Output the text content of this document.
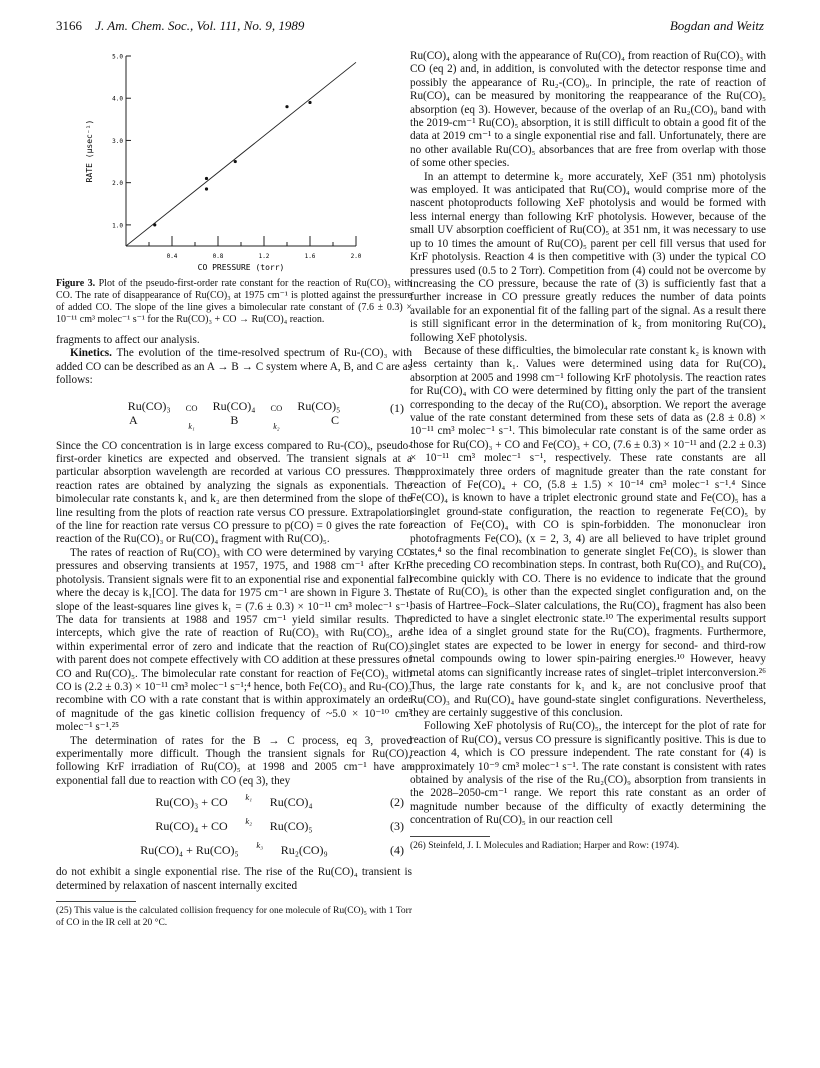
3166 J. Am. Chem. Soc., Vol. 111, No. 9, 1989	Bogdan and Weitz
1.0
2.0
3.0
4.0
5.0
0.4	0.8	1.2	1.6	2.0
CO PRESSURE (torr)
RATE (μsec⁻¹)
Figure 3. Plot of the pseudo-first-order rate constant for the reaction of Ru(CO)₃ with CO. The rate of disappearance of Ru(CO)₃ at 1975 cm⁻¹ is plotted against the pressure of added CO. The slope of the line gives a bimolecular rate constant of (7.6 ± 0.3) × 10⁻¹¹ cm³ molec⁻¹ s⁻¹ for the Ru(CO)₃ + CO → Ru(CO)₄ reaction.

fragments to affect our analysis.

Kinetics. The evolution of the time-resolved spectrum of Ru-(CO)₃ with added CO can be described as an A → B → C system where A, B, and C are as follows:

Ru(CO)₃	CO
k₁
Ru(CO)₄	CO
k₂
Ru(CO)₅
A	B	C
(1)

Since the CO concentration is in large excess compared to Ru-(CO)ₓ, pseudo-first-order kinetics are expected and observed. The transient signals at a particular absorption wavelength are recorded at various CO pressures. The reaction rates are obtained by analyzing the signals as exponentials. The bimolecular rate constants k₁ and k₂ are then determined from the slope of the line resulting from the plots of reaction rate versus CO pressure. Extrapolation of the line for reaction rate versus CO pressure to p(CO) = 0 gives the rate for reaction of the Ru(CO)₃ or Ru(CO)₄ fragment with Ru(CO)₅.

The rates of reaction of Ru(CO)₃ with CO were determined by varying CO pressures and observing transients at 1957, 1975, and 1988 cm⁻¹ after KrF photolysis. Transient signals were fit to an exponential rise and exponential fall where the decay is k₁[CO]. The data for 1975 cm⁻¹ are shown in Figure 3. The slope of the least-squares line gives k₁ = (7.6 ± 0.3) × 10⁻¹¹ cm³ molec⁻¹ s⁻¹. The data for transients at 1988 and 1957 cm⁻¹ yield similar results. The intercepts, which give the rate of reaction of Ru(CO)₃ with Ru(CO)₅, are within experimental error of zero and indicate that the reaction of Ru(CO)₃ with parent does not compete effectively with CO addition at these pressures of CO and Ru(CO)₅. The bimolecular rate constant for reaction of Fe(CO)₃ with CO is (2.2 ± 0.3) × 10⁻¹¹ cm³ molec⁻¹ s⁻¹;⁴ hence, both Fe(CO)₃ and Ru-(CO)₃ recombine with CO with a rate constant that is within approximately an order of magnitude of the gas kinetic collision frequency of ~5.0 × 10⁻¹⁰ cm³ molec⁻¹ s⁻¹.²⁵

The determination of rates for the B → C process, eq 3, proved experimentally more difficult. Though the transient signals for Ru(CO)₄ following KrF irradiation of Ru(CO)₅ at 1998 and 2005 cm⁻¹ have an exponential fall due to reaction with CO (eq 3), they

Ru(CO)₃ + CO	k₁	Ru(CO)₄	(2)
Ru(CO)₄ + CO	k₂	Ru(CO)₅	(3)
Ru(CO)₄ + Ru(CO)₅	k₃	Ru₂(CO)₉	(4)

do not exhibit a single exponential rise. The rise of the Ru(CO)₄ transient is determined by relaxation of nascent internally excited

(25) This value is the calculated collision frequency for one molecule of Ru(CO)₅ with 1 Torr of CO in the IR cell at 20 °C.

Ru(CO)₄ along with the appearance of Ru(CO)₄ from reaction of Ru(CO)₃ with CO (eq 2) and, in addition, is convoluted with the detector response time and possibly the appearance of Ru₂-(CO)₉. In principle, the rate of reaction of Ru(CO)₄ can be measured by monitoring the reappearance of the Ru(CO)₅ absorption (eq 3). However, because of the overlap of an Ru₂(CO)₉ band with the 2019-cm⁻¹ Ru(CO)₅ absorption, it is still difficult to obtain a good fit of the data at 2019 cm⁻¹ to a single exponential rise and fall. Unfortunately, there are no other available Ru(CO)₅ absorbances that are free from overlap with those of some other species.

In an attempt to determine k₂ more accurately, XeF (351 nm) photolysis was employed. It was anticipated that Ru(CO)₄ would comprise more of the nascent photoproducts following XeF photolysis and would be formed with less internal energy than following KrF photolysis. However, because of the small UV absorption coefficient of Ru(CO)₅ at 351 nm, it was necessary to use up to 10 times the amount of Ru(CO)₅ parent per cell fill versus that used for KrF photolysis. Reaction 4 is then competitive with (3) under the typical CO pressures used (0.5 to 2 Torr). Competition from (4) could not be overcome by increasing the CO pressure, because the rate of (3) is sufficiently fast that a further increase in CO pressure greatly reduces the number of data points available for an exponential fit of the falling part of the signal. As a result there is still significant error in the determination of k₂ from monitoring Ru(CO)₄ following XeF photolysis.

Because of these difficulties, the bimolecular rate constant k₂ is known with less certainty than k₁. Values were determined using data for Ru(CO)₄ absorption at 2005 and 1998 cm⁻¹ following KrF photolysis. The reaction rates for Ru(CO)₄ with CO were determined by fitting only the part of the transient corresponding to the decay of the Ru(CO)₄ absorption. We report the average value of the rate constant determined from these sets of data as (2.8 ± 0.8) × 10⁻¹¹ cm³ molec⁻¹ s⁻¹. This bimolecular rate constant is of the same order as those for Ru(CO)₃ + CO and Fe(CO)₃ + CO, (7.6 ± 0.3) × 10⁻¹¹ and (2.2 ± 0.3) × 10⁻¹¹ cm³ molec⁻¹ s⁻¹, respectively. These rate constants are all approximately three orders of magnitude greater than the rate constant for reaction of Fe(CO)₄ + CO, (5.8 ± 1.5) × 10⁻¹⁴ cm³ molec⁻¹ s⁻¹.⁴ Since Fe(CO)₄ is known to have a triplet electronic ground state and Fe(CO)₅ has a singlet ground-state configuration, the reaction to regenerate Fe(CO)₅ by reaction of Fe(CO)₄ with CO is spin-forbidden. The mononuclear iron photofragments Fe(CO)ₓ (x = 2, 3, 4) are all believed to have triplet ground states,⁴ so the final recombination to generate singlet Fe(CO)₅ is slower than the preceding CO recombination steps. In contrast, both Ru(CO)₃ and Ru(CO)₄ recombine quickly with CO. There is no evidence to indicate that the ground state of Ru(CO)₅ is other than the expected singlet configuration and, on the basis of Hartree–Fock–Slater calculations, the Ru(CO)₄ fragment has also been predicted to have a singlet electronic state.¹⁰ The experimental results support the idea of a singlet ground state for the Ru(CO)ₓ fragments. Furthermore, singlet states are expected to be lower in energy for second- and third-row metal compounds owing to lower spin-pairing energies.¹⁰ However, heavy metal atoms can significantly increase rates of singlet–triplet interconversion.²⁶ Thus, the large rate constants for k₁ and k₂ are not conclusive proof that Ru(CO)₃ and Ru(CO)₄ have gound-state singlet configurations. Nevertheless, they are certainly suggestive of this conclusion.

Following XeF photolysis of Ru(CO)₅, the intercept for the plot of rate for reaction of Ru(CO)₄ versus CO pressure is significantly positive. This is due to reaction 4, which is CO pressure independent. The rate constant for (4) is approximately 10⁻⁹ cm³ molec⁻¹ s⁻¹. The rate constant is consistent with rates obtained by analysis of the rise of the Ru₂(CO)₉ absorption from transients in the 2028–2050-cm⁻¹ range. We report this rate constant as an order of magnitude number because of the difficulty of exactly determining the concentration of Ru(CO)₅ in our reaction cell

(26) Steinfeld, J. I. Molecules and Radiation; Harper and Row: (1974).
